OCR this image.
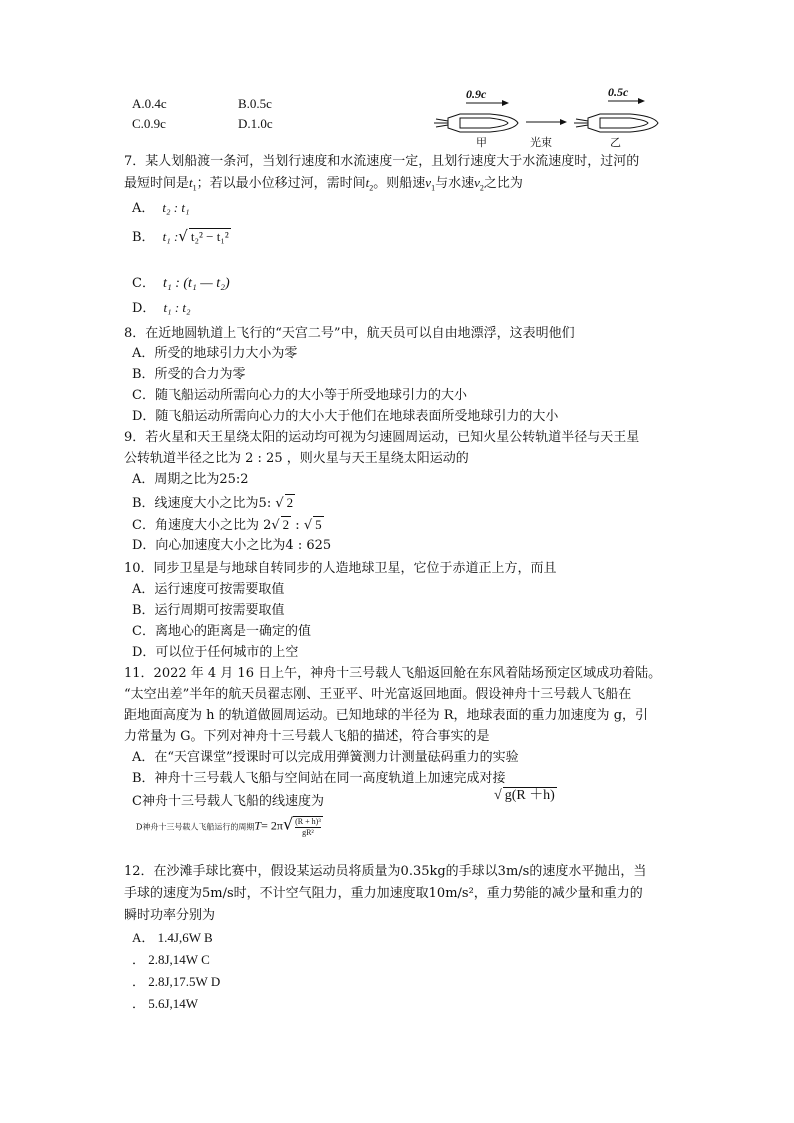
A.0.4c	B.0.5c
C.0.9c	D.1.0c
0.9c	0.5c
甲	光束	乙
7．某人划船渡一条河，当划行速度和水流速度一定，且划行速度大于水流速度时，过河的
最短时间是$t_1$；若以最小位移过河，需时间$t_2$。则船速$v_1$与水速$v_2$之比为
A． t₂ : t₁
B． t₁ :√ t₂² − t₁²
C． t₁ : (t₁ — t₂)
D． t₁ : t₂
8．在近地圆轨道上飞行的“天宫二号”中，航天员可以自由地漂浮，这表明他们
A．所受的地球引力大小为零
B．所受的合力为零
C．随飞船运动所需向心力的大小等于所受地球引力的大小
D．随飞船运动所需向心力的大小大于他们在地球表面所受地球引力的大小
9．若火星和天王星绕太阳的运动均可视为匀速圆周运动，已知火星公转轨道半径与天王星
公转轨道半径之比为 2 : 25 ，则火星与天王星绕太阳运动的
A．周期之比为25:2
B．线速度大小之比为5: √ 2
C．角速度大小之比为 2√ 2 : √ 5
D．向心加速度大小之比为4 : 625
10．同步卫星是与地球自转同步的人造地球卫星，它位于赤道正上方，而且
A．运行速度可按需要取值
B．运行周期可按需要取值
C．离地心的距离是一确定的值
D．可以位于任何城市的上空
11．2022 年 4 月 16 日上午，神舟十三号载人飞船返回舱在东风着陆场预定区域成功着陆。
“太空出差”半年的航天员翟志刚、王亚平、叶光富返回地面。假设神舟十三号载人飞船在
距地面高度为 h 的轨道做圆周运动。已知地球的半径为 R，地球表面的重力加速度为 g，引
力常量为 G。下列对神舟十三号载人飞船的描述，符合事实的是
A．在“天宫课堂”授课时可以完成用弹簧测力计测量砝码重力的实验
B．神舟十三号载人飞船与空间站在同一高度轨道上加速完成对接
C神舟十三号载人飞船的线速度为	√ g(R ＋h)
D神舟十三号载人飞船运行的周期$T= 2\pi√ \frac{\text{(R + h)³}}{\text{gR²}}$
12．在沙滩手球比赛中，假设某运动员将质量为0.35kg的手球以3m/s的速度水平抛出，当
手球的速度为5m/s时，不计空气阻力，重力加速度取10m/s²，重力势能的减少量和重力的
瞬时功率分别为
A． 1.4J,6W B
． 2.8J,14W C
． 2.8J,17.5W D
． 5.6J,14W
